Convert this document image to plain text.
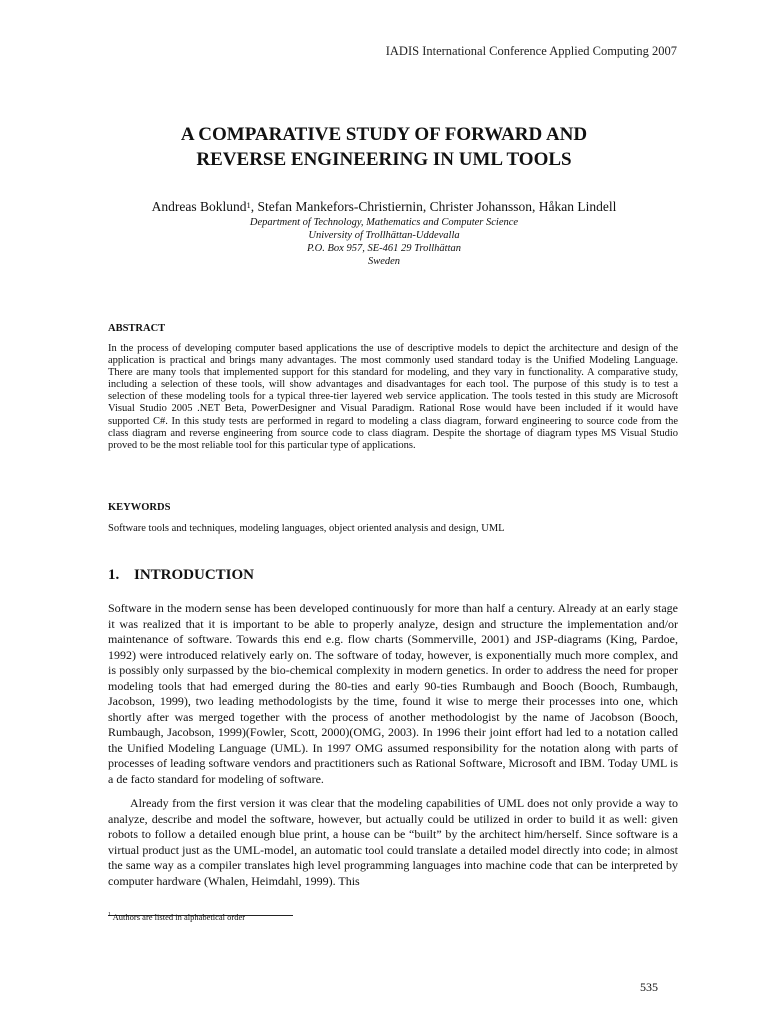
IADIS International Conference Applied Computing 2007
A COMPARATIVE STUDY OF FORWARD AND
REVERSE ENGINEERING IN UML TOOLS
Andreas Boklund$^1$, Stefan Mankefors-Christiernin, Christer Johansson, Håkan Lindell
Department of Technology, Mathematics and Computer Science
University of Trollhättan-Uddevalla
P.O. Box 957, SE-461 29 Trollhättan
Sweden
ABSTRACT

In the process of developing computer based applications the use of descriptive models to depict the architecture and design of the application is practical and brings many advantages. The most commonly used standard today is the Unified Modeling Language. There are many tools that implemented support for this standard for modeling, and they vary in functionality. A comparative study, including a selection of these tools, will show advantages and disadvantages for each tool. The purpose of this study is to test a selection of these modeling tools for a typical three-tier layered web service application. The tools tested in this study are Microsoft Visual Studio 2005 .NET Beta, PowerDesigner and Visual Paradigm. Rational Rose would have been included if it would have supported C#. In this study tests are performed in regard to modeling a class diagram, forward engineering to source code from the class diagram and reverse engineering from source code to class diagram. Despite the shortage of diagram types MS Visual Studio proved to be the most reliable tool for this particular type of applications.

KEYWORDS

Software tools and techniques, modeling languages, object oriented analysis and design, UML

1. INTRODUCTION

Software in the modern sense has been developed continuously for more than half a century. Already at an early stage it was realized that it is important to be able to properly analyze, design and structure the implementation and/or maintenance of software. Towards this end e.g. flow charts (Sommerville, 2001) and JSP-diagrams (King, Pardoe, 1992) were introduced relatively early on. The software of today, however, is exponentially much more complex, and is possibly only surpassed by the bio-chemical complexity in modern genetics. In order to address the need for proper modeling tools that had emerged during the 80-ties and early 90-ties Rumbaugh and Booch (Booch, Rumbaugh, Jacobson, 1999), two leading methodologists by the time, found it wise to merge their processes into one, which shortly after was merged together with the process of another methodologist by the name of Jacobson (Booch, Rumbaugh, Jacobson, 1999)(Fowler, Scott, 2000)(OMG, 2003). In 1996 their joint effort had led to a notation called the Unified Modeling Language (UML). In 1997 OMG assumed responsibility for the notation along with parts of processes of leading software vendors and practitioners such as Rational Software, Microsoft and IBM. Today UML is a de facto standard for modeling of software.

Already from the first version it was clear that the modeling capabilities of UML does not only provide a way to analyze, describe and model the software, however, but actually could be utilized in order to build it as well: given robots to follow a detailed enough blue print, a house can be “built” by the architect him/herself. Since software is a virtual product just as the UML-model, an automatic tool could translate a detailed model directly into code; in almost the same way as a compiler translates high level programming languages into machine code that can be interpreted by computer hardware (Whalen, Heimdahl, 1999). This

$^1$ Authors are listed in alphabetical order
535
